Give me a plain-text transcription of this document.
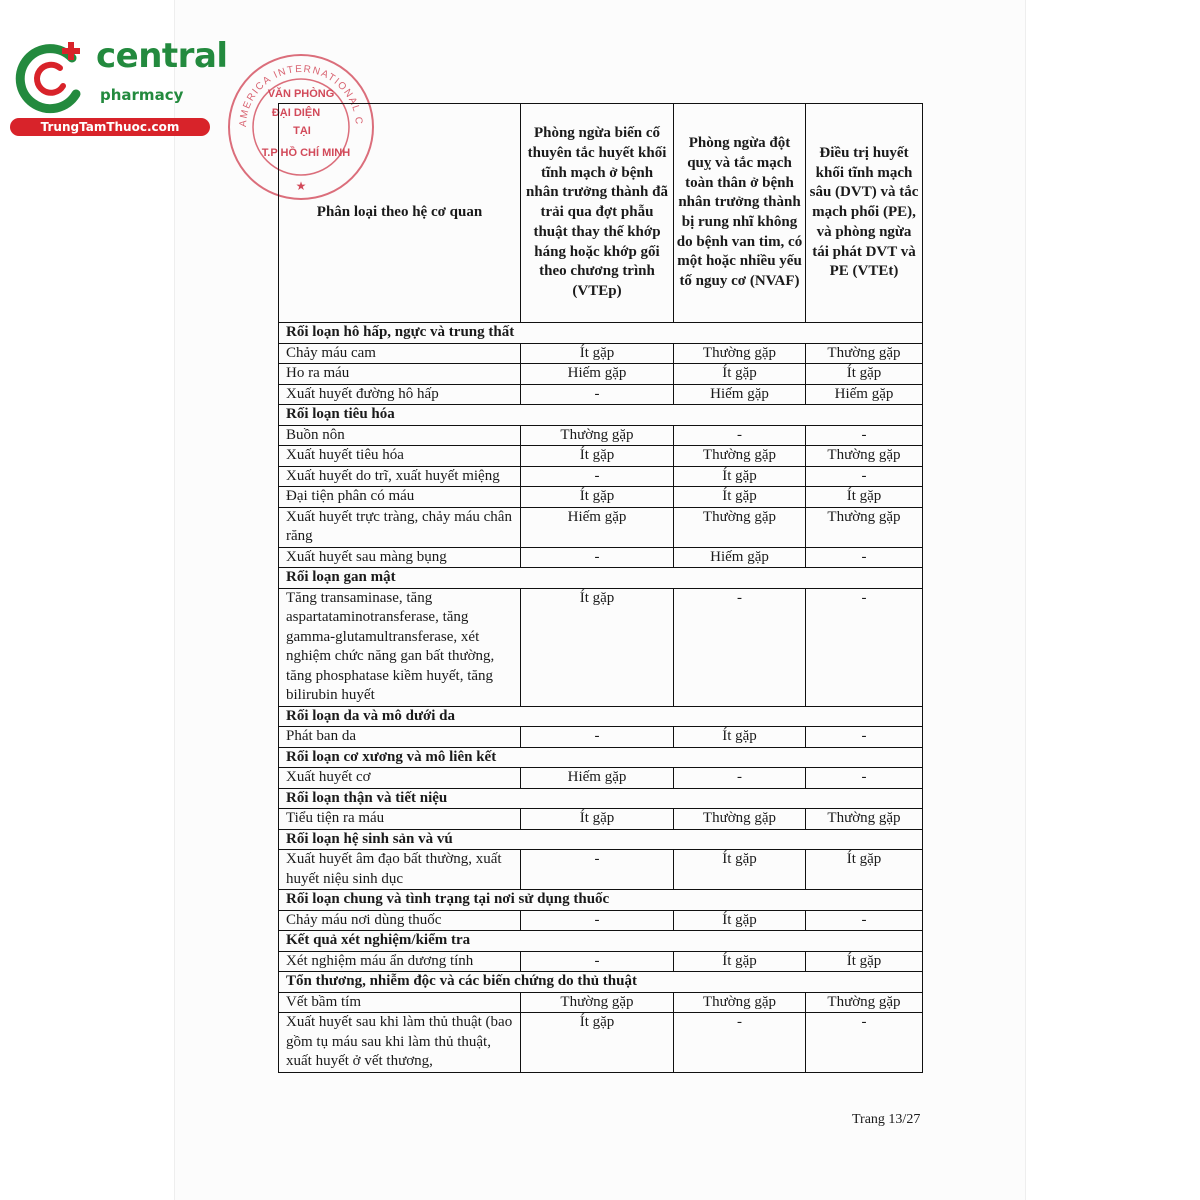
central
pharmacy
TrungTamThuoc.com	AMERICA INTERNATIONAL C
★
VĂN PHÒNG
ĐẠI DIỆN
TẠI
T.P HỒ CHÍ MINH
Phân loại theo hệ cơ quan	Phòng ngừa biến cố thuyên tắc huyết khối tĩnh mạch ở bệnh nhân trưởng thành đã trải qua đợt phẫu thuật thay thế khớp háng hoặc khớp gối theo chương trình (VTEp)	Phòng ngừa đột quỵ và tắc mạch toàn thân ở bệnh nhân trưởng thành bị rung nhĩ không do bệnh van tim, có một hoặc nhiều yếu tố nguy cơ (NVAF)	Điều trị huyết khối tĩnh mạch sâu (DVT) và tắc mạch phổi (PE), và phòng ngừa tái phát DVT và PE (VTEt)
Rối loạn hô hấp, ngực và trung thất			
Chảy máu cam	Ít gặp	Thường gặp	Thường gặp
Ho ra máu	Hiếm gặp	Ít gặp	Ít gặp
Xuất huyết đường hô hấp	-	Hiếm gặp	Hiếm gặp
Rối loạn tiêu hóa			
Buồn nôn	Thường gặp	-	-
Xuất huyết tiêu hóa	Ít gặp	Thường gặp	Thường gặp
Xuất huyết do trĩ, xuất huyết miệng	-	Ít gặp	-
Đại tiện phân có máu	Ít gặp	Ít gặp	Ít gặp
Xuất huyết trực tràng, chảy máu chân răng	Hiếm gặp	Thường gặp	Thường gặp
Xuất huyết sau màng bụng	-	Hiếm gặp	-
Rối loạn gan mật			
Tăng transaminase, tăng aspartataminotransferase, tăng gamma-glutamultransferase, xét nghiệm chức năng gan bất thường, tăng phosphatase kiềm huyết, tăng bilirubin huyết	Ít gặp	-	-
Rối loạn da và mô dưới da			
Phát ban da	-	Ít gặp	-
Rối loạn cơ xương và mô liên kết			
Xuất huyết cơ	Hiếm gặp	-	-
Rối loạn thận và tiết niệu			
Tiểu tiện ra máu	Ít gặp	Thường gặp	Thường gặp
Rối loạn hệ sinh sản và vú			
Xuất huyết âm đạo bất thường, xuất huyết niệu sinh dục	-	Ít gặp	Ít gặp
Rối loạn chung và tình trạng tại nơi sử dụng thuốc			
Chảy máu nơi dùng thuốc	-	Ít gặp	-
Kết quả xét nghiệm/kiểm tra			
Xét nghiệm máu ẩn dương tính	-	Ít gặp	Ít gặp
Tổn thương, nhiễm độc và các biến chứng do thủ thuật			
Vết bầm tím	Thường gặp	Thường gặp	Thường gặp
Xuất huyết sau khi làm thủ thuật (bao gồm tụ máu sau khi làm thủ thuật, xuất huyết ở vết thương,	Ít gặp	-	-
Trang 13/27
